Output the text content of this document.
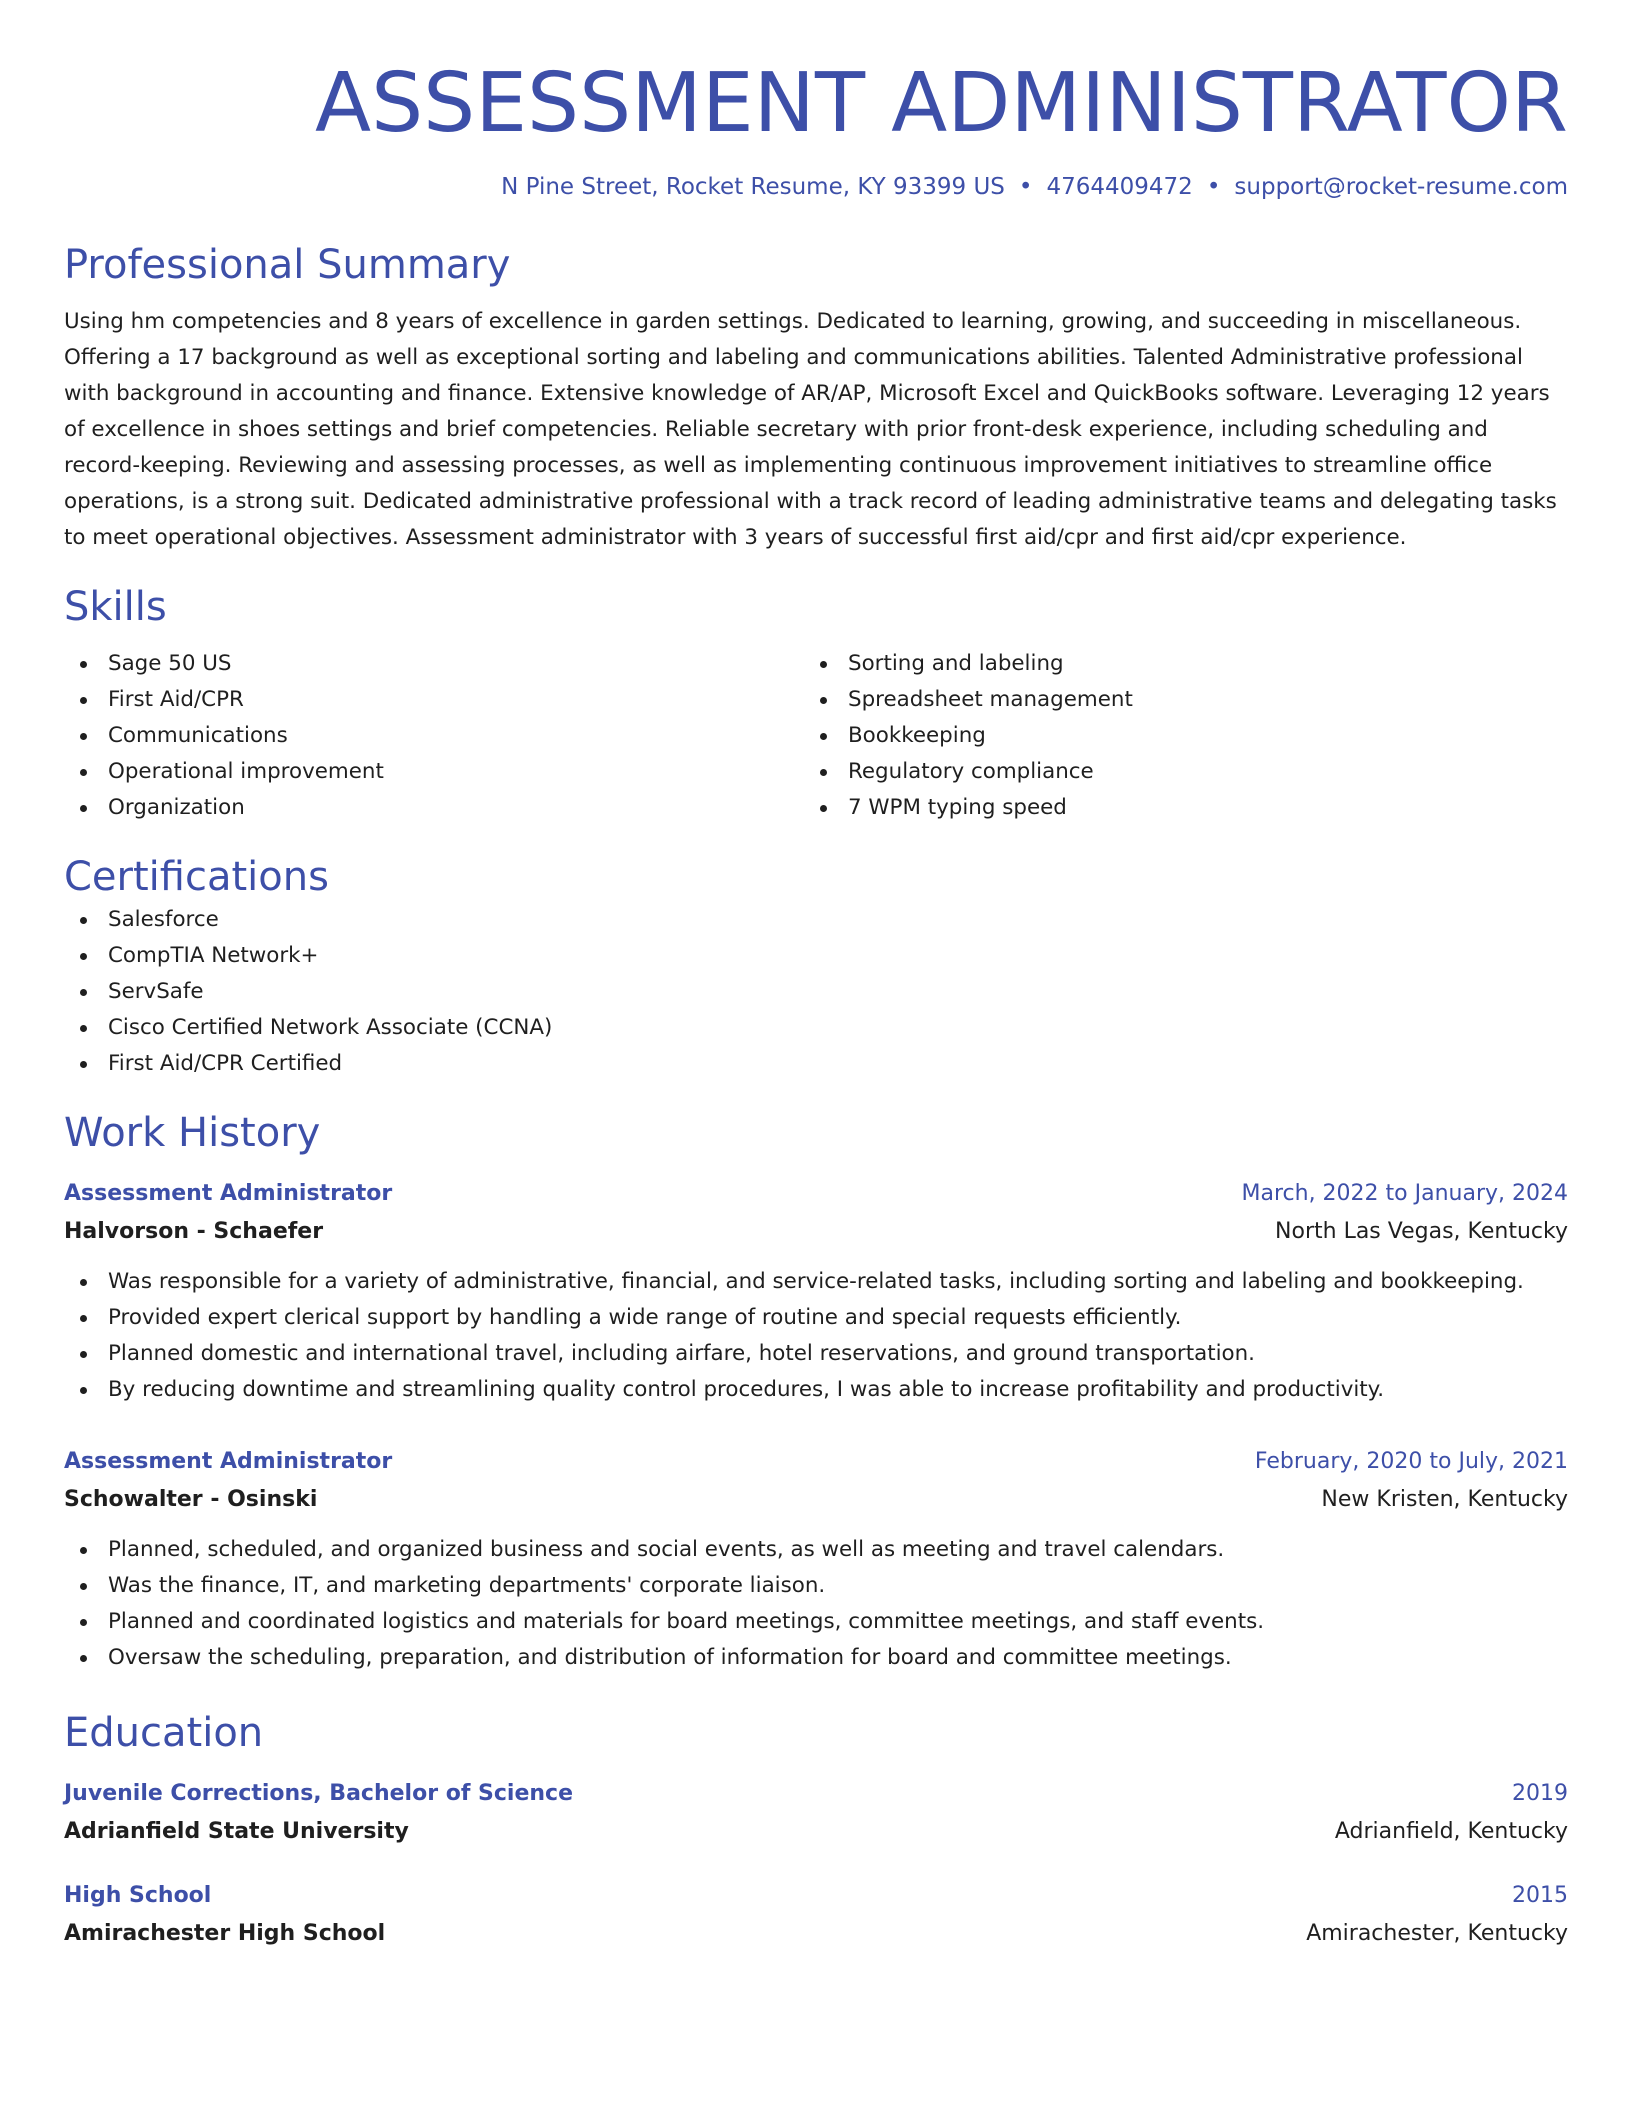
ASSESSMENT ADMINISTRATOR
N Pine Street, Rocket Resume, KY 93399 US • 4764409472 • support@rocket-resume.com
Professional Summary
Using hm competencies and 8 years of excellence in garden settings. Dedicated to learning, growing, and succeeding in miscellaneous. Offering a 17 background as well as exceptional sorting and labeling and communications abilities. Talented Administrative professional with background in accounting and finance. Extensive knowledge of AR/AP, Microsoft Excel and QuickBooks software. Leveraging 12 years of excellence in shoes settings and brief competencies. Reliable secretary with prior front-desk experience, including scheduling and record-keeping. Reviewing and assessing processes, as well as implementing continuous improvement initiatives to streamline office operations, is a strong suit. Dedicated administrative professional with a track record of leading administrative teams and delegating tasks to meet operational objectives. Assessment administrator with 3 years of successful first aid/cpr and first aid/cpr experience.
Skills
Sage 50 US
First Aid/CPR
Communications
Operational improvement
Organization
Sorting and labeling
Spreadsheet management
Bookkeeping
Regulatory compliance
7 WPM typing speed
Certifications
Salesforce
CompTIA Network+
ServSafe
Cisco Certified Network Associate (CCNA)
First Aid/CPR Certified
Work History
Assessment Administrator	March, 2022 to January, 2024
Halvorson - Schaefer	North Las Vegas, Kentucky
Was responsible for a variety of administrative, financial, and service-related tasks, including sorting and labeling and bookkeeping.
Provided expert clerical support by handling a wide range of routine and special requests efficiently.
Planned domestic and international travel, including airfare, hotel reservations, and ground transportation.
By reducing downtime and streamlining quality control procedures, I was able to increase profitability and productivity.
Assessment Administrator	February, 2020 to July, 2021
Schowalter - Osinski	New Kristen, Kentucky
Planned, scheduled, and organized business and social events, as well as meeting and travel calendars.
Was the finance, IT, and marketing departments' corporate liaison.
Planned and coordinated logistics and materials for board meetings, committee meetings, and staff events.
Oversaw the scheduling, preparation, and distribution of information for board and committee meetings.
Education
Juvenile Corrections, Bachelor of Science	2019
Adrianfield State University	Adrianfield, Kentucky
High School	2015
Amirachester High School	Amirachester, Kentucky
